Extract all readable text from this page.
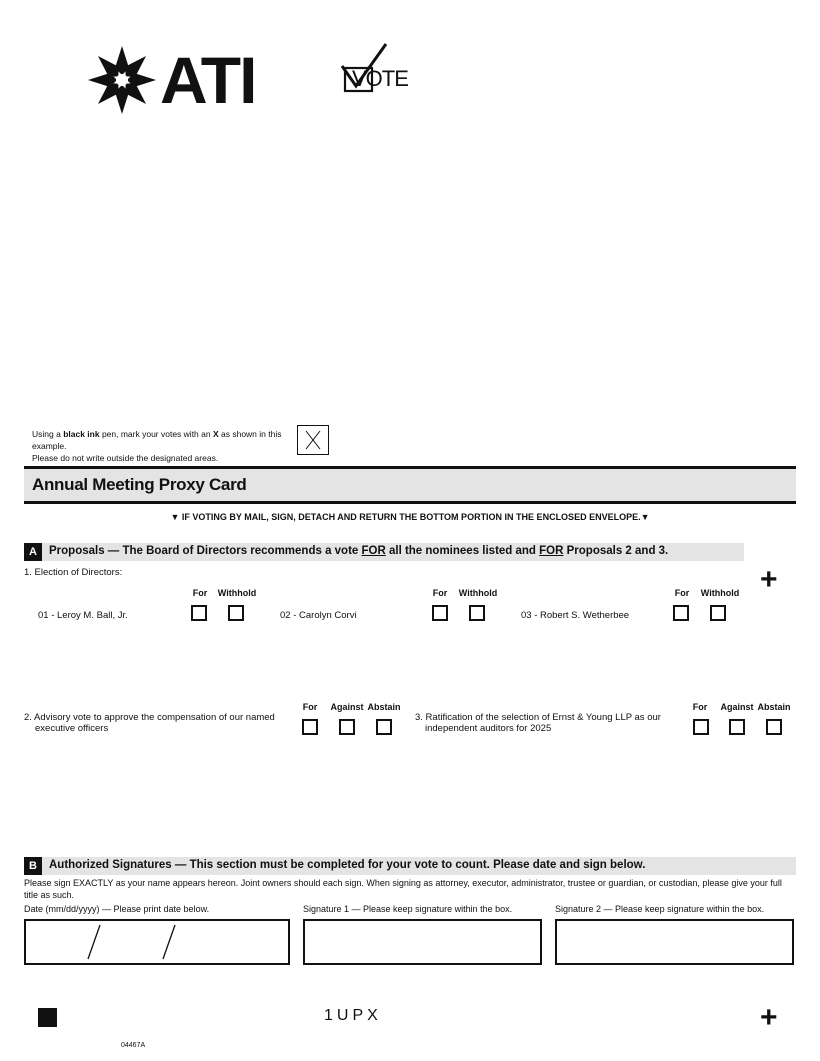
ATI	VOTE
Using a black ink pen, mark your votes with an X as shown in this example.
Please do not write outside the designated areas.
Annual Meeting Proxy Card
▼ IF VOTING BY MAIL, SIGN, DETACH AND RETURN THE BOTTOM PORTION IN THE ENCLOSED ENVELOPE.▼
A	Proposals — The Board of Directors recommends a vote FOR all the nominees listed and FOR Proposals 2 and 3.
+
1. Election of Directors:
For	Withhold	For	Withhold	For	Withhold
01 - Leroy M. Ball, Jr.	02 - Carolyn Corvi	03 - Robert S. Wetherbee
2. Advisory vote to approve the compensation of our named
executive officers
For	Against Abstain
3. Ratification of the selection of Ernst & Young LLP as our
independent auditors for 2025
For	Against Abstain
B	Authorized Signatures — This section must be completed for your vote to count. Please date and sign below.
Please sign EXACTLY as your name appears hereon. Joint owners should each sign. When signing as attorney, executor, administrator, trustee or guardian, or custodian, please give your full
title as such.
Date (mm/dd/yyyy) — Please print date below.	Signature 1 — Please keep signature within the box.	Signature 2 — Please keep signature within the box.
1UPX	+
04467A
